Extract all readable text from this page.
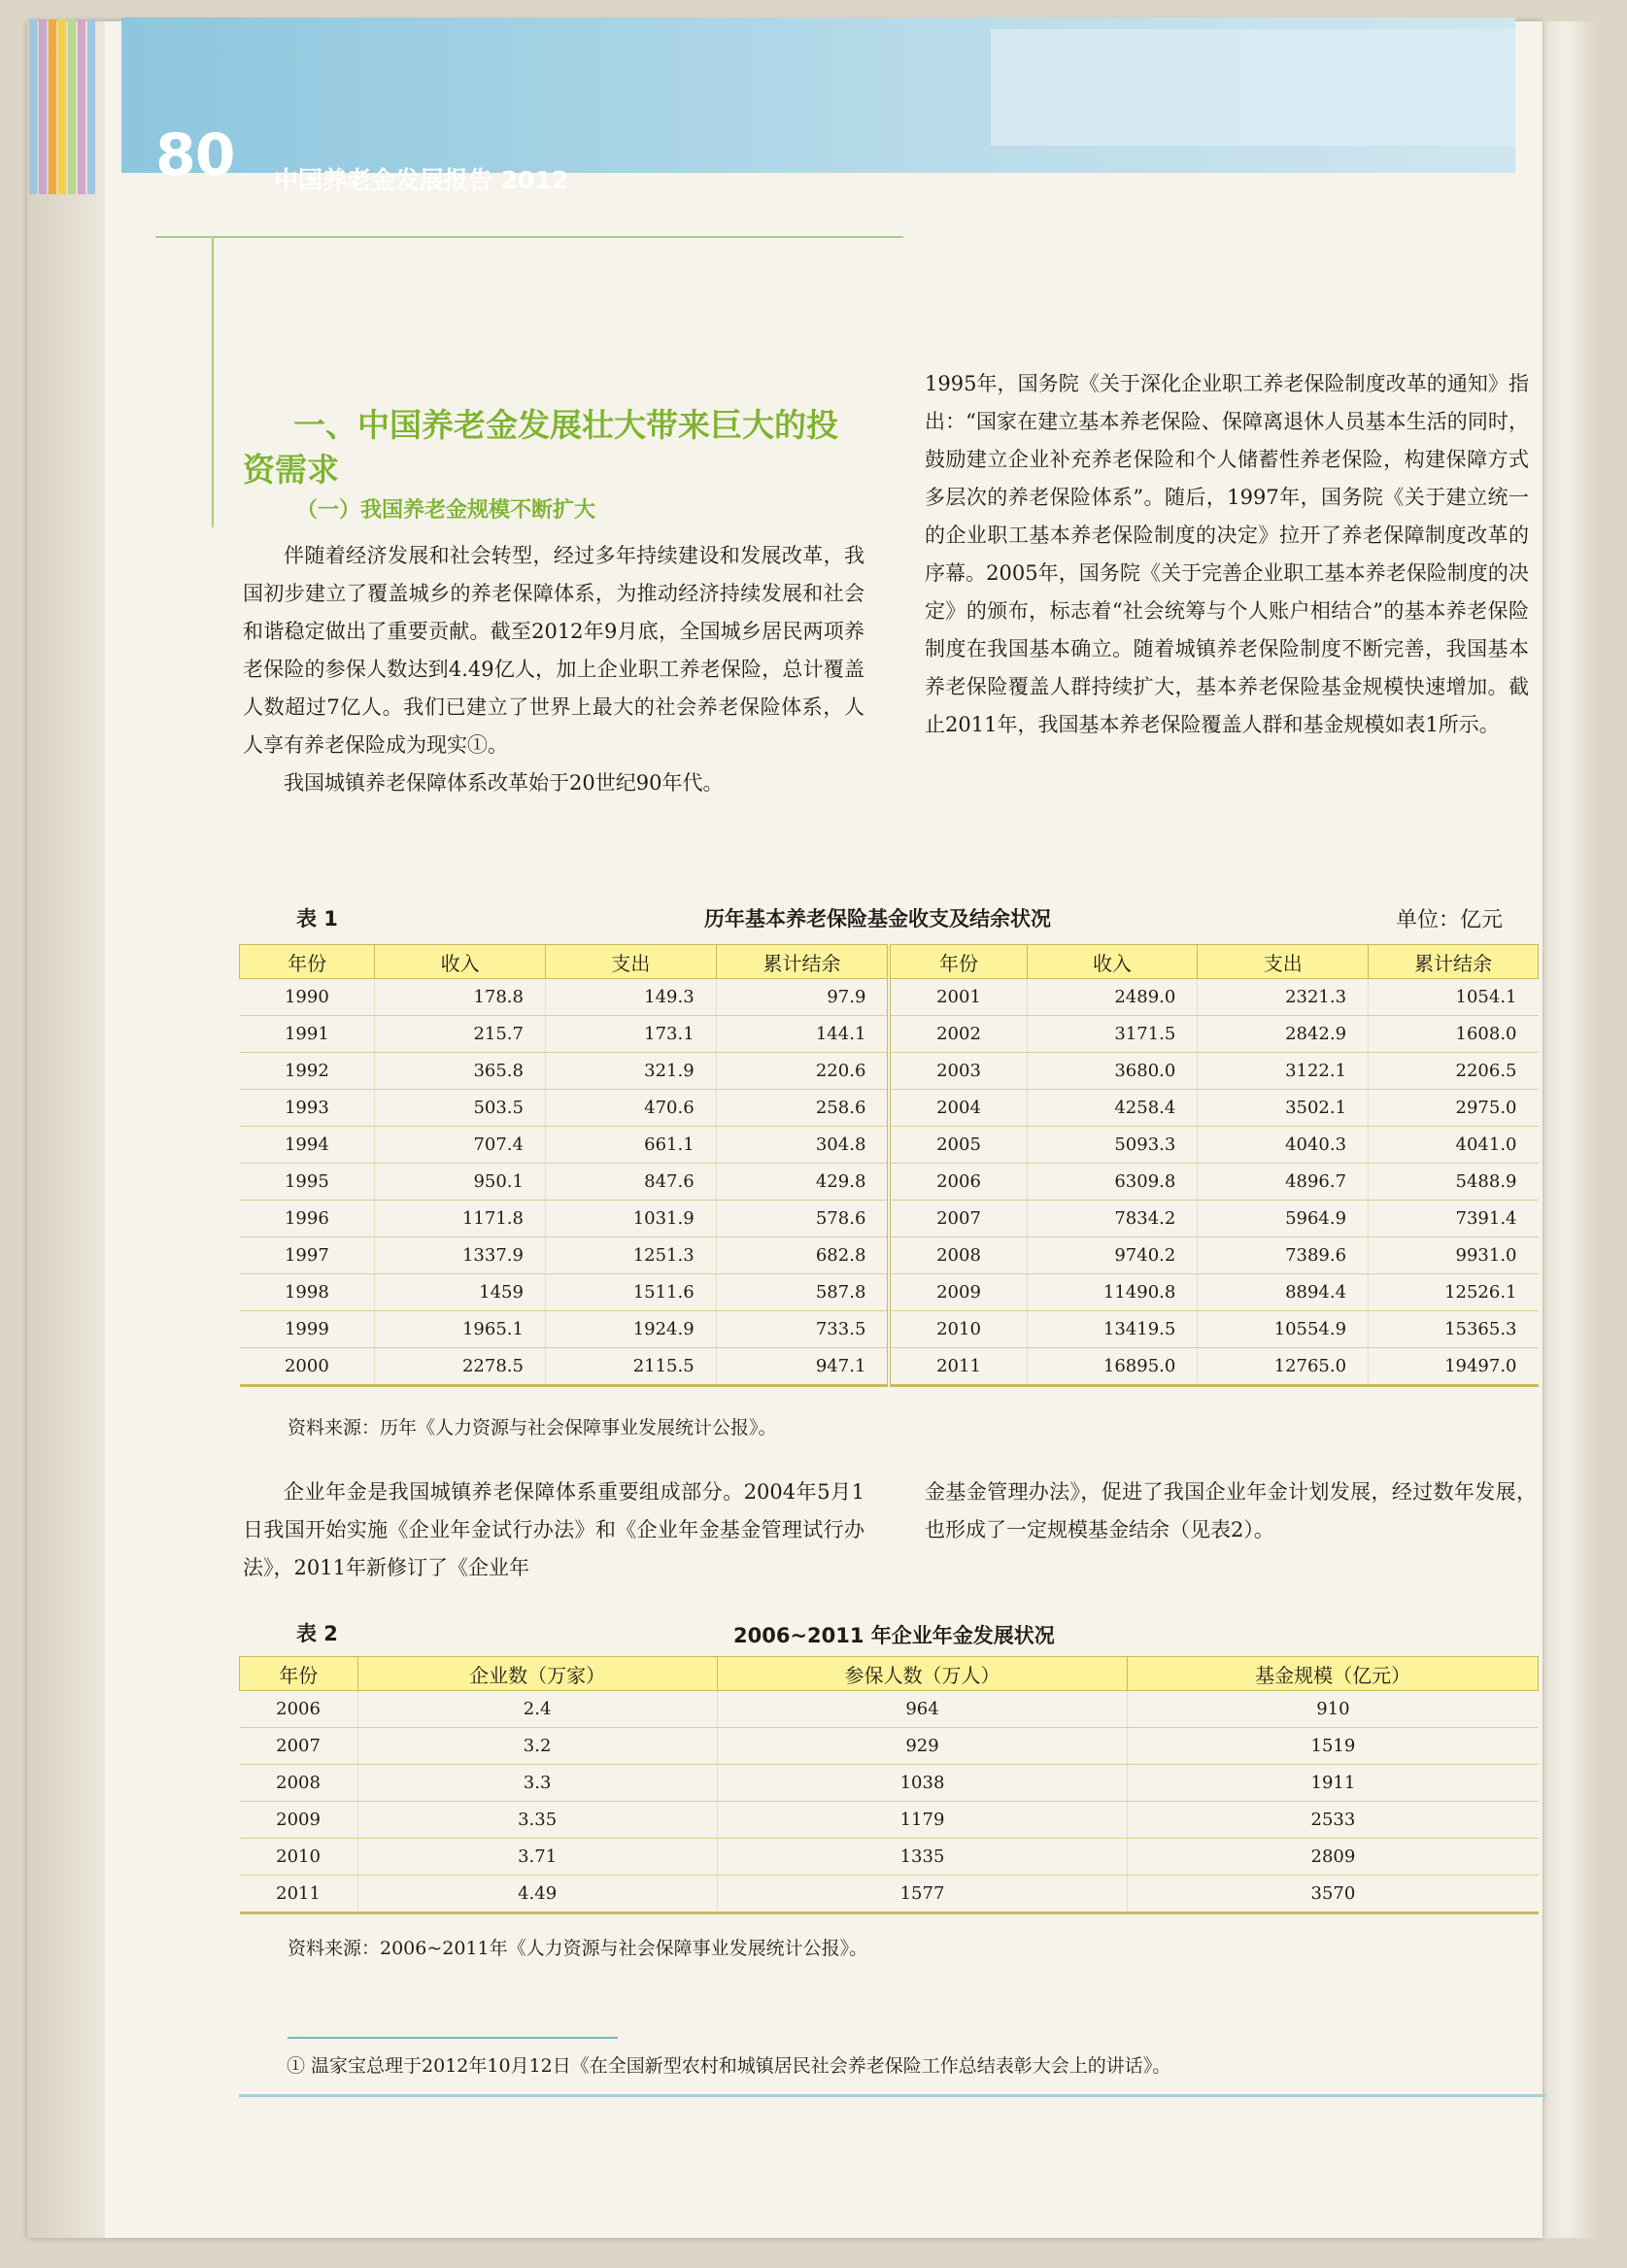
80 中国养老金发展报告 2012
一、中国养老金发展壮大带来巨大的投
资需求
（一）我国养老金规模不断扩大

伴随着经济发展和社会转型，经过多年持续建设和发展改革，我国初步建立了覆盖城乡的养老保障体系，为推动经济持续发展和社会和谐稳定做出了重要贡献。截至2012年9月底，全国城乡居民两项养老保险的参保人数达到4.49亿人，加上企业职工养老保险，总计覆盖人数超过7亿人。我们已建立了世界上最大的社会养老保险体系，人人享有养老保险成为现实①。

我国城镇养老保障体系改革始于20世纪90年代。

1995年，国务院《关于深化企业职工养老保险制度改革的通知》指出：“国家在建立基本养老保险、保障离退休人员基本生活的同时，鼓励建立企业补充养老保险和个人储蓄性养老保险，构建保障方式多层次的养老保险体系”。随后，1997年，国务院《关于建立统一的企业职工基本养老保险制度的决定》拉开了养老保障制度改革的序幕。2005年，国务院《关于完善企业职工基本养老保险制度的决定》的颁布，标志着“社会统筹与个人账户相结合”的基本养老保险制度在我国基本确立。随着城镇养老保险制度不断完善，我国基本养老保险覆盖人群持续扩大，基本养老保险基金规模快速增加。截止2011年，我国基本养老保险覆盖人群和基金规模如表1所示。

表 1	历年基本养老保险基金收支及结余状况	单位：亿元
年份	收入	支出	累计结余	年份	收入	支出	累计结余
1990	178.8	149.3	97.9	2001	2489.0	2321.3	1054.1
1991	215.7	173.1	144.1	2002	3171.5	2842.9	1608.0
1992	365.8	321.9	220.6	2003	3680.0	3122.1	2206.5
1993	503.5	470.6	258.6	2004	4258.4	3502.1	2975.0
1994	707.4	661.1	304.8	2005	5093.3	4040.3	4041.0
1995	950.1	847.6	429.8	2006	6309.8	4896.7	5488.9
1996	1171.8	1031.9	578.6	2007	7834.2	5964.9	7391.4
1997	1337.9	1251.3	682.8	2008	9740.2	7389.6	9931.0
1998	1459	1511.6	587.8	2009	11490.8	8894.4	12526.1
1999	1965.1	1924.9	733.5	2010	13419.5	10554.9	15365.3
2000	2278.5	2115.5	947.1	2011	16895.0	12765.0	19497.0
资料来源：历年《人力资源与社会保障事业发展统计公报》。

企业年金是我国城镇养老保障体系重要组成部分。2004年5月1日我国开始实施《企业年金试行办法》和《企业年金基金管理试行办法》，2011年新修订了《企业年

金基金管理办法》，促进了我国企业年金计划发展，经过数年发展，也形成了一定规模基金结余（见表2）。

表 2	2006~2011 年企业年金发展状况
年份	企业数（万家）	参保人数（万人）	基金规模（亿元）
2006	2.4	964	910
2007	3.2	929	1519
2008	3.3	1038	1911
2009	3.35	1179	2533
2010	3.71	1335	2809
2011	4.49	1577	3570
资料来源：2006~2011年《人力资源与社会保障事业发展统计公报》。
① 温家宝总理于2012年10月12日《在全国新型农村和城镇居民社会养老保险工作总结表彰大会上的讲话》。
